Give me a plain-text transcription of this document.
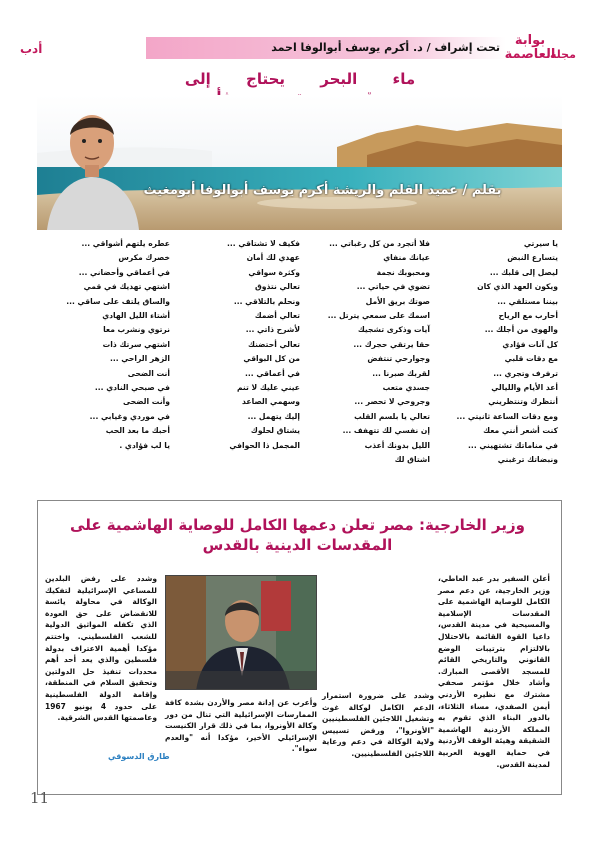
بوابة العاصمة
مجلة
تحت إشراف / د. أكرم يوسف أبوالوفا احمد
أدب
ماء البحر يحتاج إلى
بقلم / عميد القلم والريشة أكرم يوسف أبوالوفا أبومغيث
يا سيرتي
يتسارع النبض
ليصل إلى قلبك ...
ويكون العهد الذي كان
بيننا مستلقي ...
أحارب مع الرياح
والهوى من أجلك ...
كل آنات فؤادي
مع دقات قلبي
ترفرف وتجري ...
أعد الأيام والليالي
أنتظرك وتنتظريني
ومع دقات الساعة ثانيتي ...
كنت أشعر أنني معك
في مناماتك تشتهيني ...
ونبضاتك ترغبني
فلا أتجرد من كل رغباتي ...
عيانك منفاي
ومحبوبك نجمة
تضوي في حياتي ...
صوتك بريق الأمل
اسمك على سمعي يترتل ...
آيات وذكرى تشجيك
حقا يرتقي حجرك ...
وجوارحي تنتفض
لقربك صبرنا ...
جسدي متعب
وجروحي لا تحصر ...
تعالي يا بلسم القلب
إن نفسي لك تتهفف ...
الليل بدونك أعذب
اشتاق لك
فكيف لا تشتاقي ...
عهدي لك أمان
وكثرة سواقي
تعالي نتذوق
ونحلم بالتلاقي ...
تعالي أضمك
لأشرح ذاتي ...
تعالي أحتضنك
من كل البواقي
في أعماقي ...
عيني عليك لا تنم
وسهمي الصاعد
إليك يتهمل ...
يشتاق لحلوك
المجمل ذا الحوافي
عطره يلتهم أشواقي ...
خصرك مكرس
في أعماقي وأحضاني ...
اشتهي تهديك في قمي
والساق يلتف على ساقي ...
أشتاء الليل الهادي
نرتوي ونشرب معا
اشتهي سرتك ذات
الزهر الراحي ...
أنت الضحى
في صبحي النادي ...
وأنت الضحى
في موردي وغيابي ...
أحبك ما بعد الحب
يا لب فؤادي .
وزير الخارجية: مصر تعلن دعمها الكامل للوصاية الهاشمية على المقدسات الدينية بالقدس
أعلن السفير بدر عبد العاطي، وزير الخارجية، عن دعم مصر الكامل للوصاية الهاشمية على المقدسات الإسلامية والمسيحية في مدينة القدس، داعيا القوة القائمة بالاحتلال بالالتزام بترتيبات الوضع القانوني والتاريخي القائم للمسجد الأقصى المبارك. وأشاد خلال مؤتمر صحفي مشترك مع نظيره الأردني أيمن الصفدي، مساء الثلاثاء، بالدور البناء الذي تقوم به المملكة الأردنية الهاشمية الشقيقة وهيئة الوقف الأردنية في حماية الهوية العربية لمدينة القدس.
وشدد على ضرورة استمرار الدعم الكامل لوكالة غوث وتشغيل اللاجئين الفلسطينيين "الأونروا"، ورفض تسييس ولاية الوكالة في دعم ورعاية اللاجئين الفلسطينيين.
وأعرب عن إدانة مصر والأردن بشدة كافة الممارسات الإسرائيلية التي تنال من دور وكالة الأونروا، بما في ذلك قرار الكنيست الإسرائيلي الأخير، مؤكدا أنه "والعدم سواء".
وشدد على رفض البلدين للمساعي الإسرائيلية لتفكيك الوكالة في محاولة يائسة للانقضاض على حق العودة الذي تكفله المواثيق الدولية للشعب الفلسطيني. واختتم مؤكدا أهمية الاعتراف بدولة فلسطين والذي يعد أحد أهم محددات تنفيذ حل الدولتين وتحقيق السلام في المنطقة، وإقامة الدولة الفلسطينية على حدود 4 يونيو 1967 وعاصمتها القدس الشرقية.
طارق الدسوقي
11
